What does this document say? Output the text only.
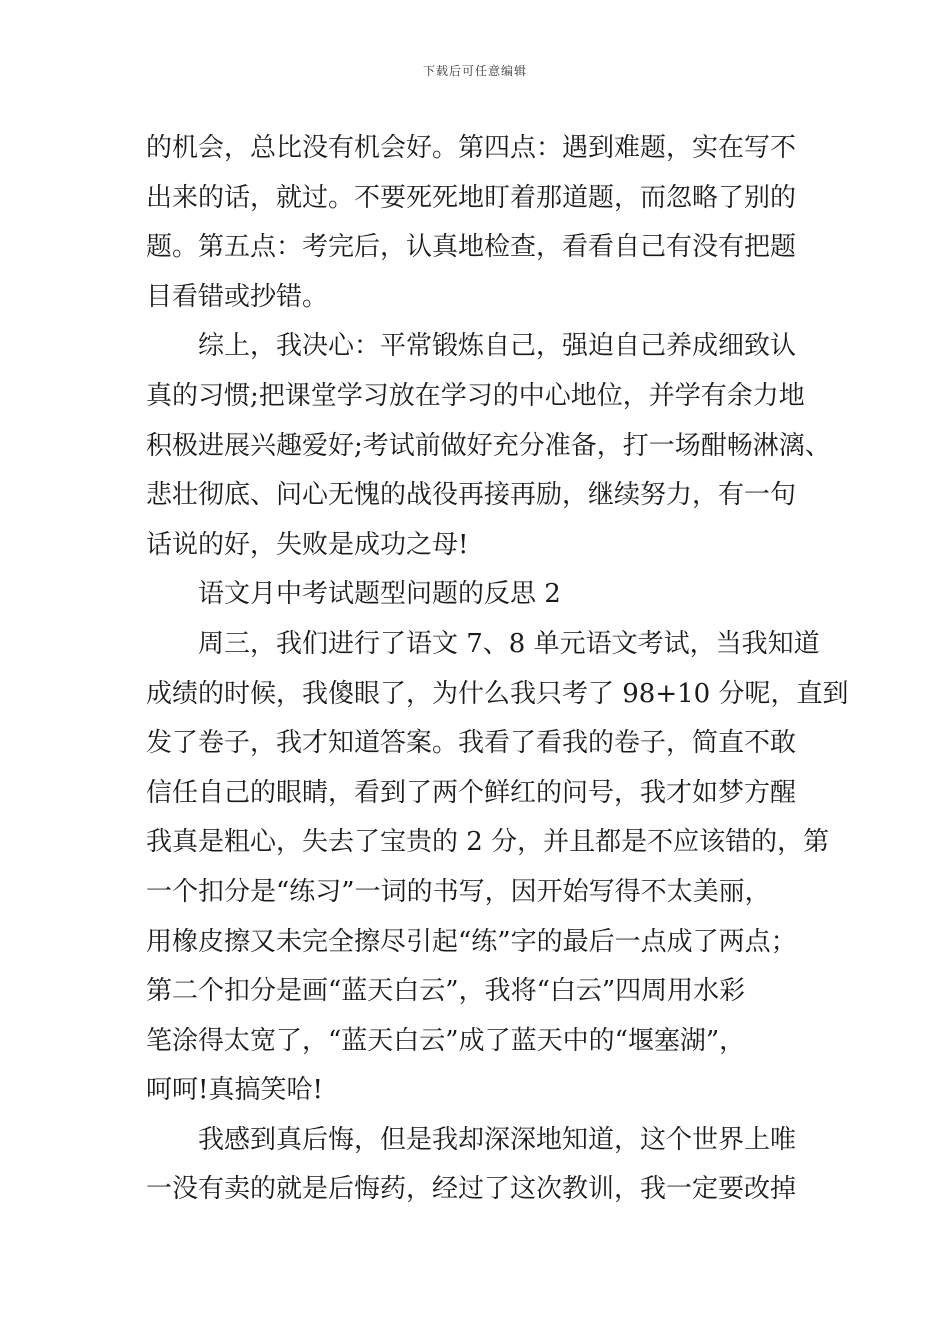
下载后可任意编辑
的机会，总比没有机会好。第四点：遇到难题，实在写不
出来的话，就过。不要死死地盯着那道题，而忽略了别的
题。第五点：考完后，认真地检查，看看自己有没有把题
目看错或抄错。
综上，我决心：平常锻炼自己，强迫自己养成细致认
真的习惯;把课堂学习放在学习的中心地位，并学有余力地
积极进展兴趣爱好;考试前做好充分准备，打一场酣畅淋漓、
悲壮彻底、问心无愧的战役再接再励，继续努力，有一句
话说的好，失败是成功之母!
语文月中考试题型问题的反思 2
周三，我们进行了语文 7、8 单元语文考试，当我知道
成绩的时候，我傻眼了，为什么我只考了 98+10 分呢，直到
发了卷子，我才知道答案。我看了看我的卷子，简直不敢
信任自己的眼睛，看到了两个鲜红的问号，我才如梦方醒
我真是粗心，失去了宝贵的 2 分，并且都是不应该错的，第
一个扣分是“练习”一词的书写，因开始写得不太美丽，
用橡皮擦又未完全擦尽引起“练”字的最后一点成了两点；
第二个扣分是画“蓝天白云”，我将“白云”四周用水彩
笔涂得太宽了，“蓝天白云”成了蓝天中的“堰塞湖”，
呵呵!真搞笑哈!
我感到真后悔，但是我却深深地知道，这个世界上唯
一没有卖的就是后悔药，经过了这次教训，我一定要改掉
